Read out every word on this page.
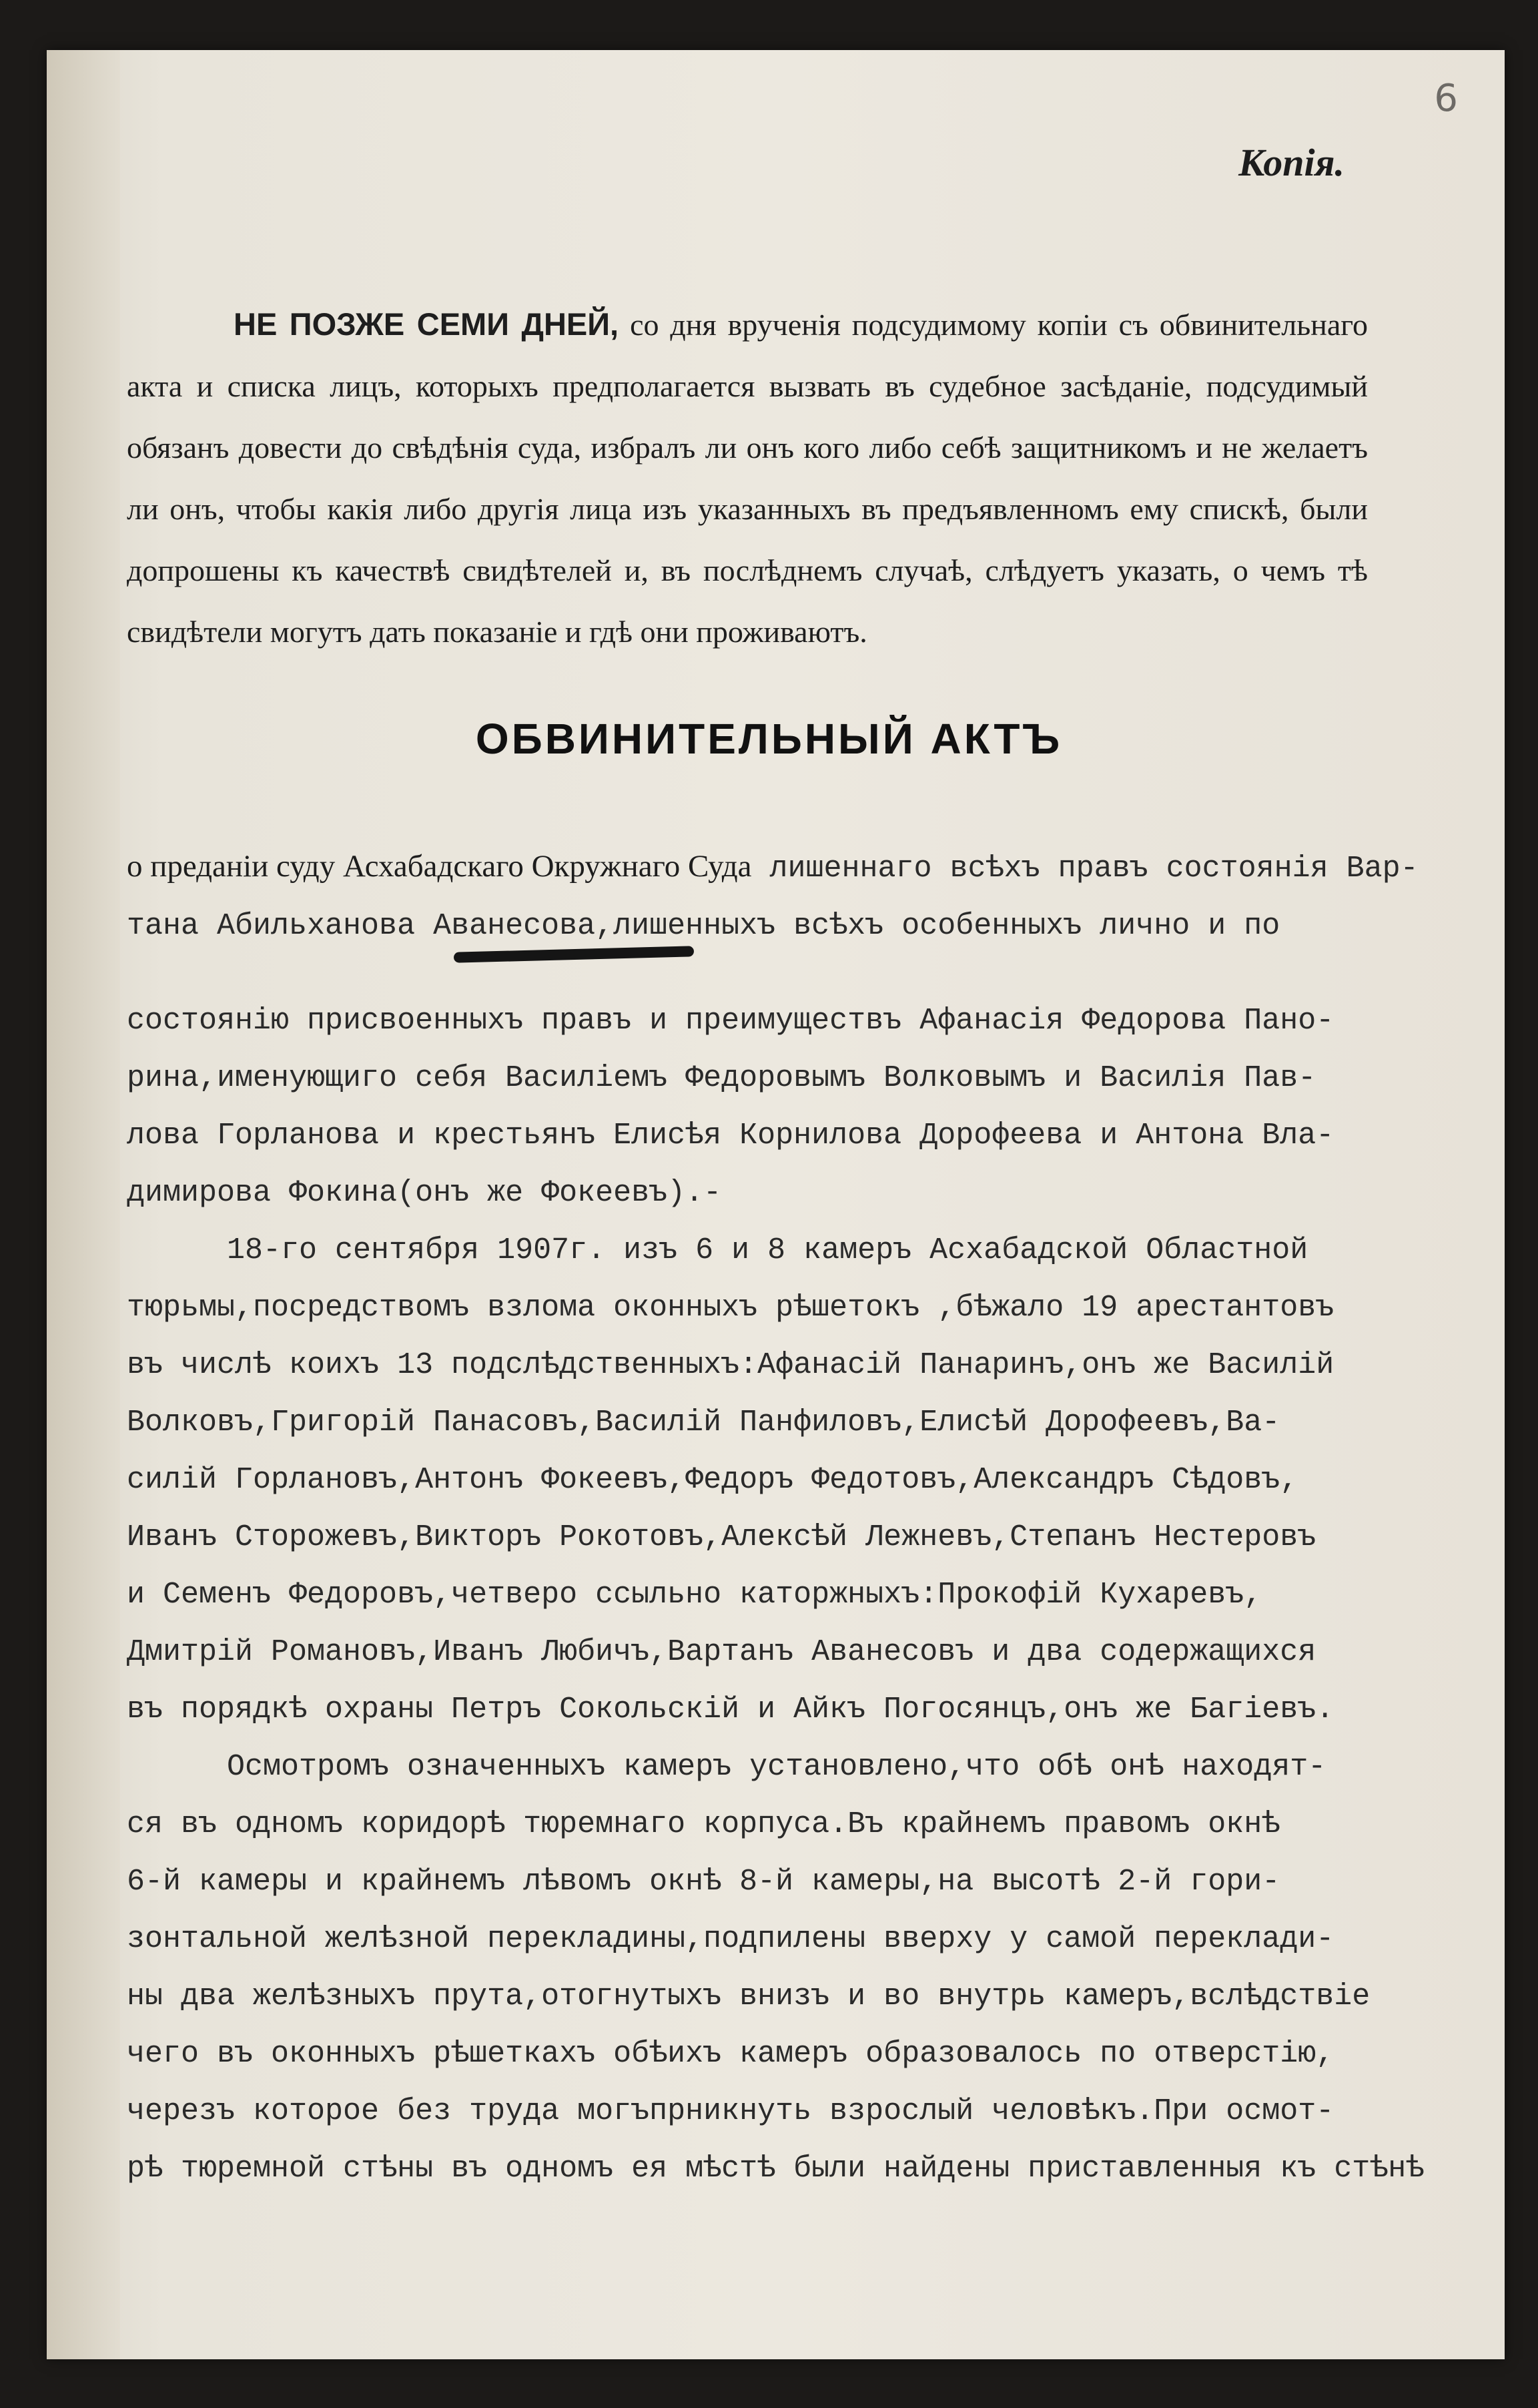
6
Копія.

НЕ ПОЗЖЕ СЕМИ ДНЕЙ, со дня врученія подсудимому копіи съ обвинительнаго акта и списка лицъ, которыхъ предполагается вызвать въ судебное засѣданіе, подсудимый обязанъ довести до свѣдѣнія суда, избралъ ли онъ кого либо себѣ защитникомъ и не желаетъ ли онъ, чтобы какія либо другія лица изъ указанныхъ въ предъявленномъ ему спискѣ, были допрошены къ качествѣ свидѣтелей и, въ послѣднемъ случаѣ, слѣдуетъ указать, о чемъ тѣ свидѣтели могутъ дать показаніе и гдѣ они проживаютъ.

ОБВИНИТЕЛЬНЫЙ АКТЪ
о преданіи суду Асхабадскаго Окружнаго Суда лишеннаго всѣхъ правъ состоянія Вар-
тана Абильханова Аванесова,лишенныхъ всѣхъ особенныхъ лично и по
состоянію присвоенныхъ правъ и преимуществъ Афанасія Федорова Пано-
рина,именующиго себя Василіемъ Федоровымъ Волковымъ и Василія Пав-
лова Горланова и крестьянъ Елисѣя Корнилова Дорофеева и Антона Вла-
димирова Фокина(онъ же Фокеевъ).-
18-го сентября 1907г. изъ 6 и 8 камеръ Асхабадской Областной
тюрьмы,посредствомъ взлома оконныхъ рѣшетокъ ,бѣжало 19 арестантовъ
въ числѣ коихъ 13 подслѣдственныхъ:Афанасій Панаринъ,онъ же Василій
Волковъ,Григорій Панасовъ,Василій Панфиловъ,Елисѣй Дорофеевъ,Ва-
силій Горлановъ,Антонъ Фокеевъ,Федоръ Федотовъ,Александръ Сѣдовъ,
Иванъ Сторожевъ,Викторъ Рокотовъ,Алексѣй Лежневъ,Степанъ Нестеровъ
и Семенъ Федоровъ,четверо ссыльно каторжныхъ:Прокофій Кухаревъ,
Дмитрій Романовъ,Иванъ Любичъ,Вартанъ Аванесовъ и два содержащихся
въ порядкѣ охраны Петръ Сокольскій и Айкъ Погосянцъ,онъ же Багіевъ.
Осмотромъ означенныхъ камеръ установлено,что обѣ онѣ находят-
ся въ одномъ коридорѣ тюремнаго корпуса.Въ крайнемъ правомъ окнѣ
6-й камеры и крайнемъ лѣвомъ окнѣ 8-й камеры,на высотѣ 2-й гори-
зонтальной желѣзной перекладины,подпилены вверху у самой переклади-
ны два желѣзныхъ прута,отогнутыхъ внизъ и во внутрь камеръ,вслѣдствіе
чего въ оконныхъ рѣшеткахъ обѣихъ камеръ образовалось по отверстію,
черезъ которое без труда могъпрникнуть взрослый человѣкъ.При осмот-
рѣ тюремной стѣны въ одномъ ея мѣстѣ были найдены приставленныя къ стѣнѣ
